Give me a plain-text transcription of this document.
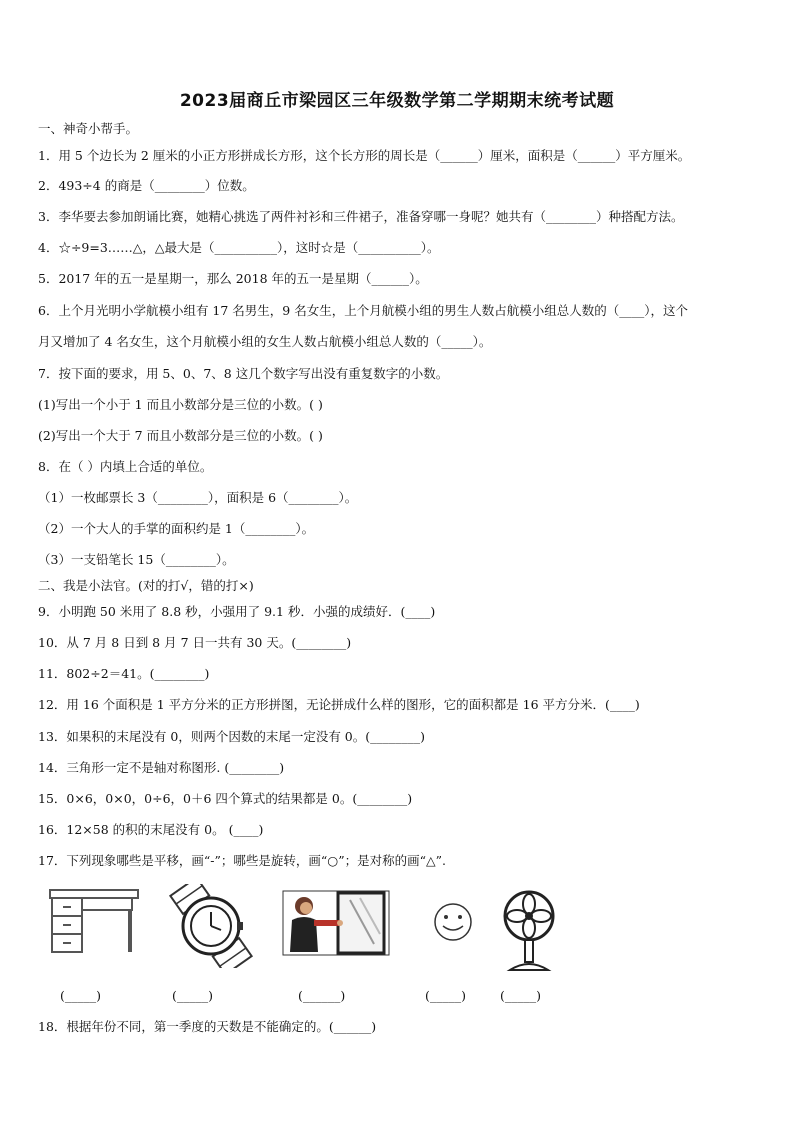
2023届商丘市梁园区三年级数学第二学期期末统考试题
一、神奇小帮手。
1．用 5 个边长为 2 厘米的小正方形拼成长方形，这个长方形的周长是（______）厘米，面积是（______）平方厘米。
2．493÷4 的商是（________）位数。
3．李华要去参加朗诵比赛，她精心挑选了两件衬衫和三件裙子，准备穿哪一身呢？她共有（________）种搭配方法。
4．☆÷9=3……△，△最大是（__________），这时☆是（__________）。
5．2017 年的五一是星期一，那么 2018 年的五一是星期（______）。
6．上个月光明小学航模小组有 17 名男生，9 名女生，上个月航模小组的男生人数占航模小组总人数的（____），这个
月又增加了 4 名女生，这个月航模小组的女生人数占航模小组总人数的（_____）。
7．按下面的要求，用 5、0、7、8 这几个数字写出没有重复数字的小数。
(1)写出一个小于 1 而且小数部分是三位的小数。( )
(2)写出一个大于 7 而且小数部分是三位的小数。( )
8．在（ ）内填上合适的单位。
（1）一枚邮票长 3（________），面积是 6（________）。
（2）一个大人的手掌的面积约是 1（________）。
（3）一支铅笔长 15（________）。
二、我是小法官。(对的打√，错的打×)
9．小明跑 50 米用了 8.8 秒，小强用了 9.1 秒．小强的成绩好．(____)
10．从 7 月 8 日到 8 月 7 日一共有 30 天。(________)
11．802÷2＝41。(________)
12．用 16 个面积是 1 平方分米的正方形拼图，无论拼成什么样的图形，它的面积都是 16 平方分米．(____)
13．如果积的末尾没有 0，则两个因数的末尾一定没有 0。(________)
14．三角形一定不是轴对称图形. (________)
15．0×6，0×0，0÷6，0＋6 四个算式的结果都是 0。(________)
16．12×58 的积的末尾没有 0。 (____)
17．下列现象哪些是平移，画“-”；哪些是旋转，画“○”；是对称的画“△”.
(_____)	(_____)	(______)	(_____)	(_____)
18．根据年份不同，第一季度的天数是不能确定的。(______)
